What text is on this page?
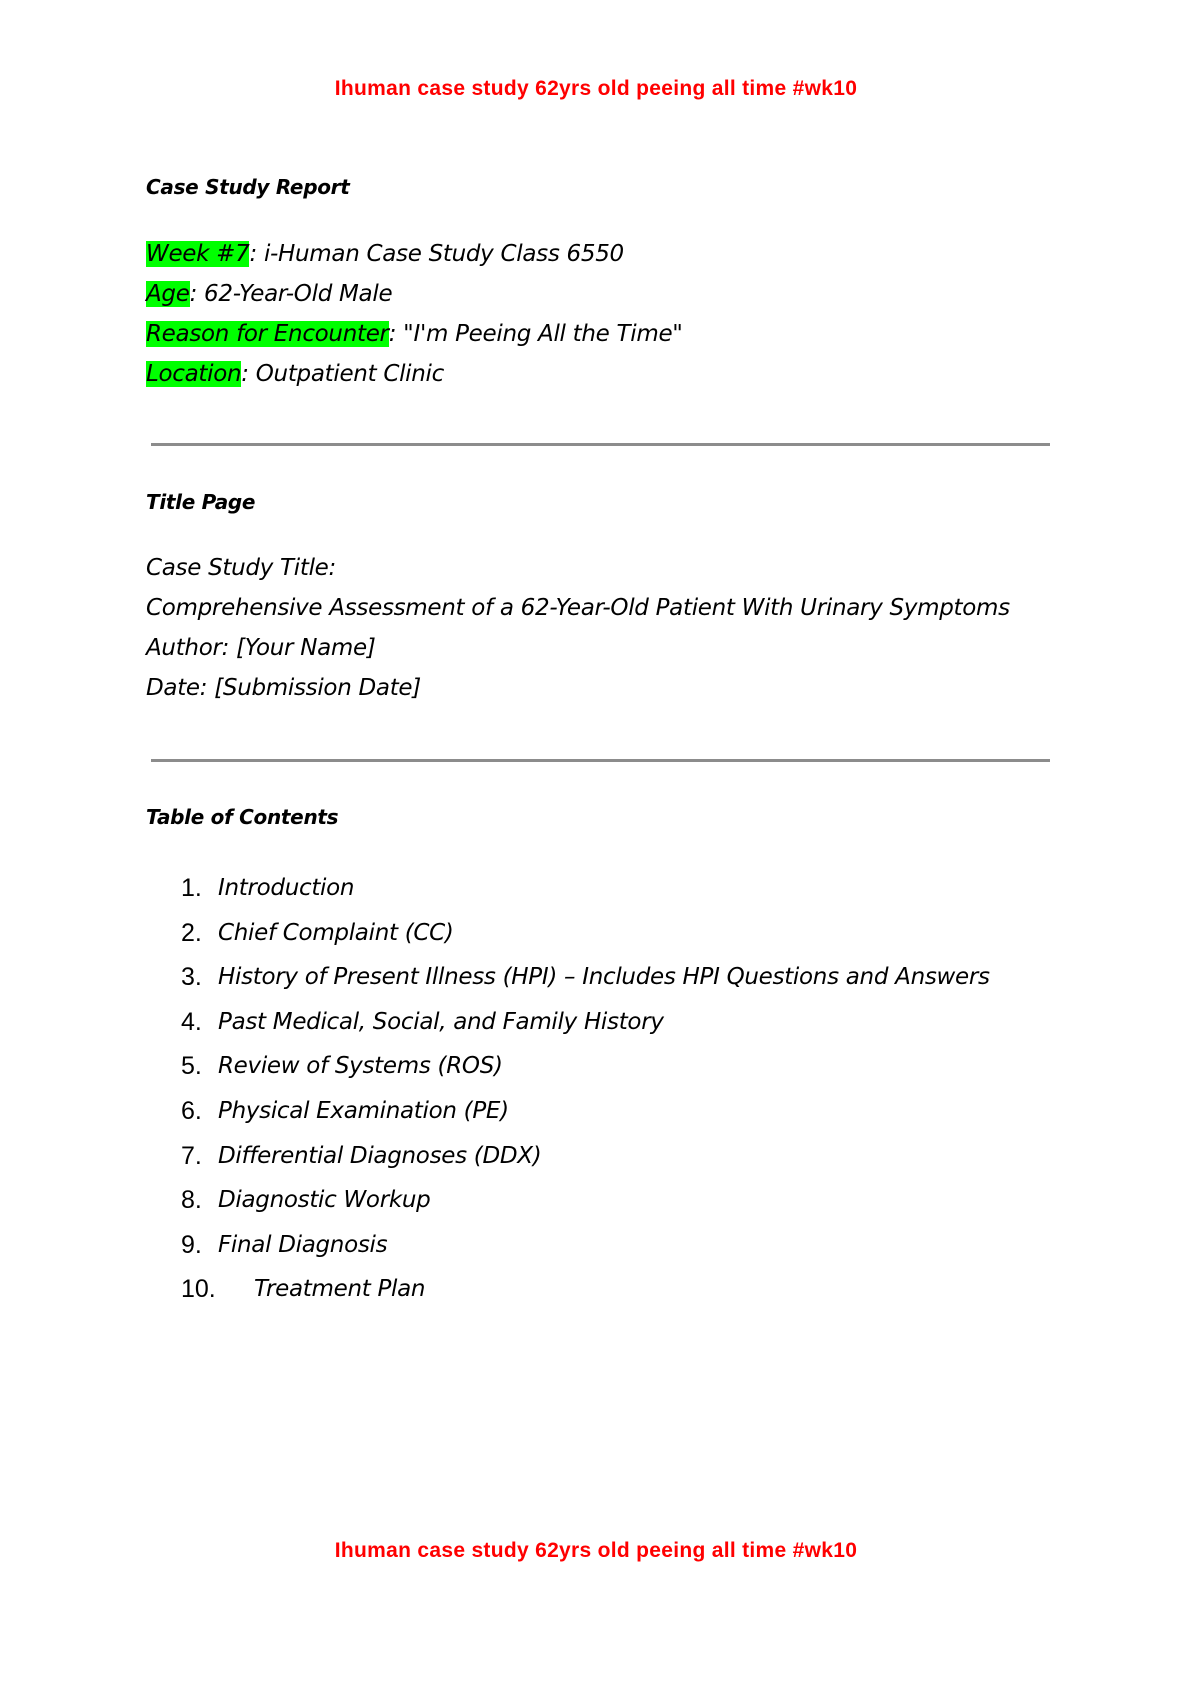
Ihuman case study 62yrs old peeing all time #wk10
Case Study Report
Week #7: i-Human Case Study Class 6550
Age: 62-Year-Old Male
Reason for Encounter: "I'm Peeing All the Time"
Location: Outpatient Clinic
Title Page
Case Study Title:
Comprehensive Assessment of a 62-Year-Old Patient With Urinary Symptoms
Author: [Your Name]
Date: [Submission Date]
Table of Contents
1. Introduction
2. Chief Complaint (CC)
3. History of Present Illness (HPI) – Includes HPI Questions and Answers
4. Past Medical, Social, and Family History
5. Review of Systems (ROS)
6. Physical Examination (PE)
7. Differential Diagnoses (DDX)
8. Diagnostic Workup
9. Final Diagnosis
10. Treatment Plan
Ihuman case study 62yrs old peeing all time #wk10
